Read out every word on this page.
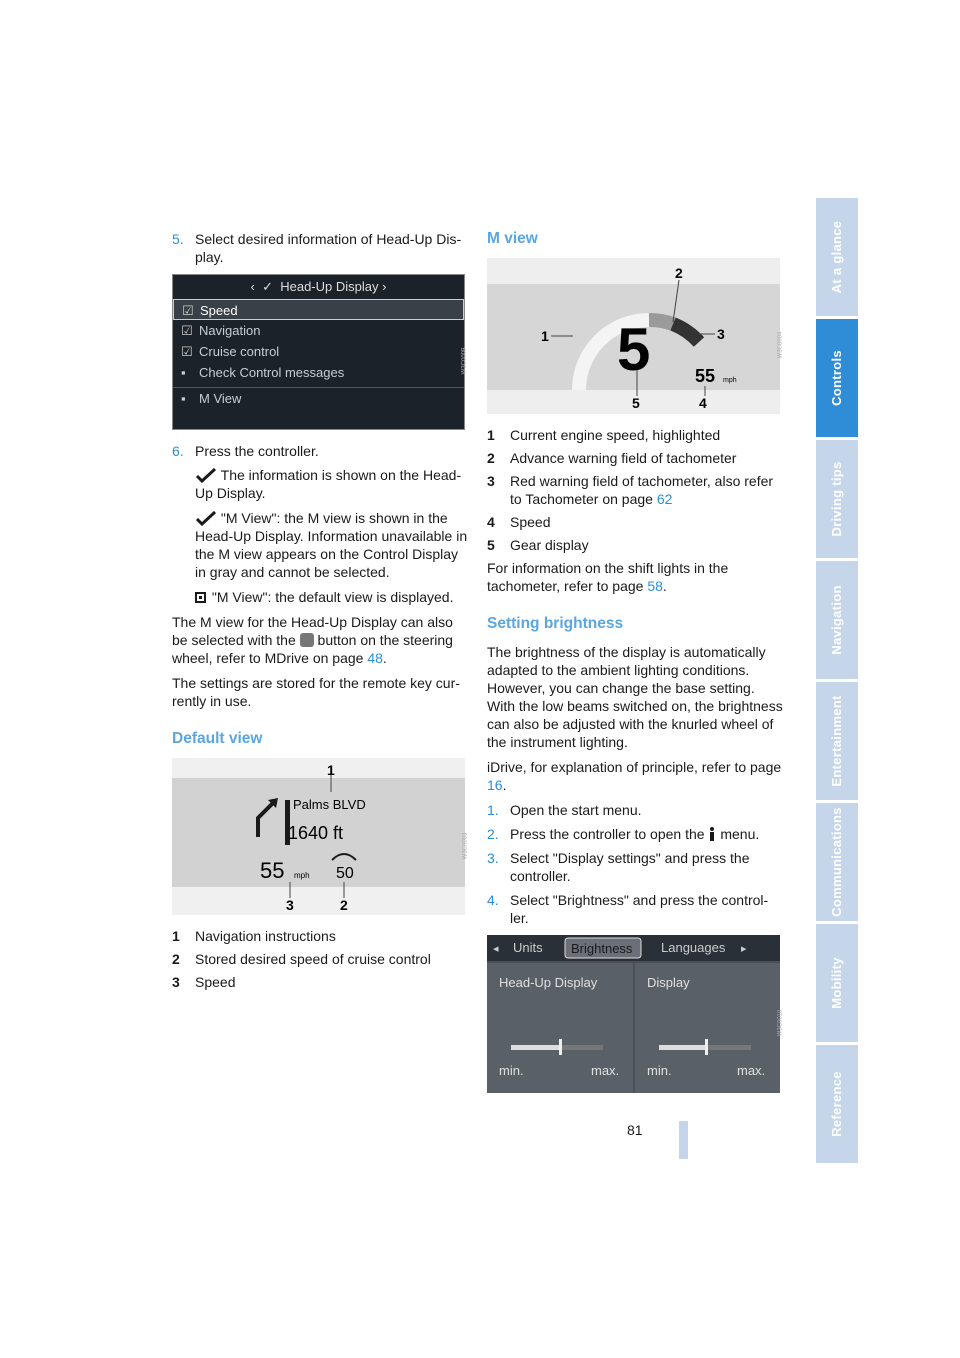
At a glance
Controls
Driving tips
Navigation
Entertainment
Communications
Mobility
Reference
5. Select desired information of Head-Up Dis-play.
‹  ✓  Head-Up Display ›
☑ Speed
☑ Navigation
☑ Cruise control
▪ Check Control messages
▪ M View
W3C0009
6. Press the controller.
The information is shown on the Head-Up Display.
"M View": the M view is shown in the Head-Up Display. Information unavailable in the M view appears on the Control Display in gray and cannot be selected.
"M View": the default view is displayed.
The M view for the Head-Up Display can also be selected with the button on the steering wheel, refer to MDrive on page 48.
The settings are stored for the remote key cur-rently in use.
Default view
1
Palms BLVD
1640 ft
55 mph 50
3	2
W3C0003
1 Navigation instructions
2 Stored desired speed of cruise control
3 Speed
M view
5 55 mph
1
2
3
4
5
W3C0004
1 Current engine speed, highlighted
2 Advance warning field of tachometer
3 Red warning field of tachometer, also refer to Tachometer on page 62
4 Speed
5 Gear display
For information on the shift lights in the tachometer, refer to page 58.
Setting brightness
The brightness of the display is automatically adapted to the ambient lighting conditions. However, you can change the base setting. With the low beams switched on, the brightness can also be adjusted with the knurled wheel of the instrument lighting.
iDrive, for explanation of principle, refer to page 16.
1. Open the start menu.
2. Press the controller to open the menu.
3. Select "Display settings" and press the controller.
4. Select "Brightness" and press the control-ler.
◂ Units Brightness Languages ▸
Head-Up Display	Display
min.	max. min.	max.
W3C0010
81
